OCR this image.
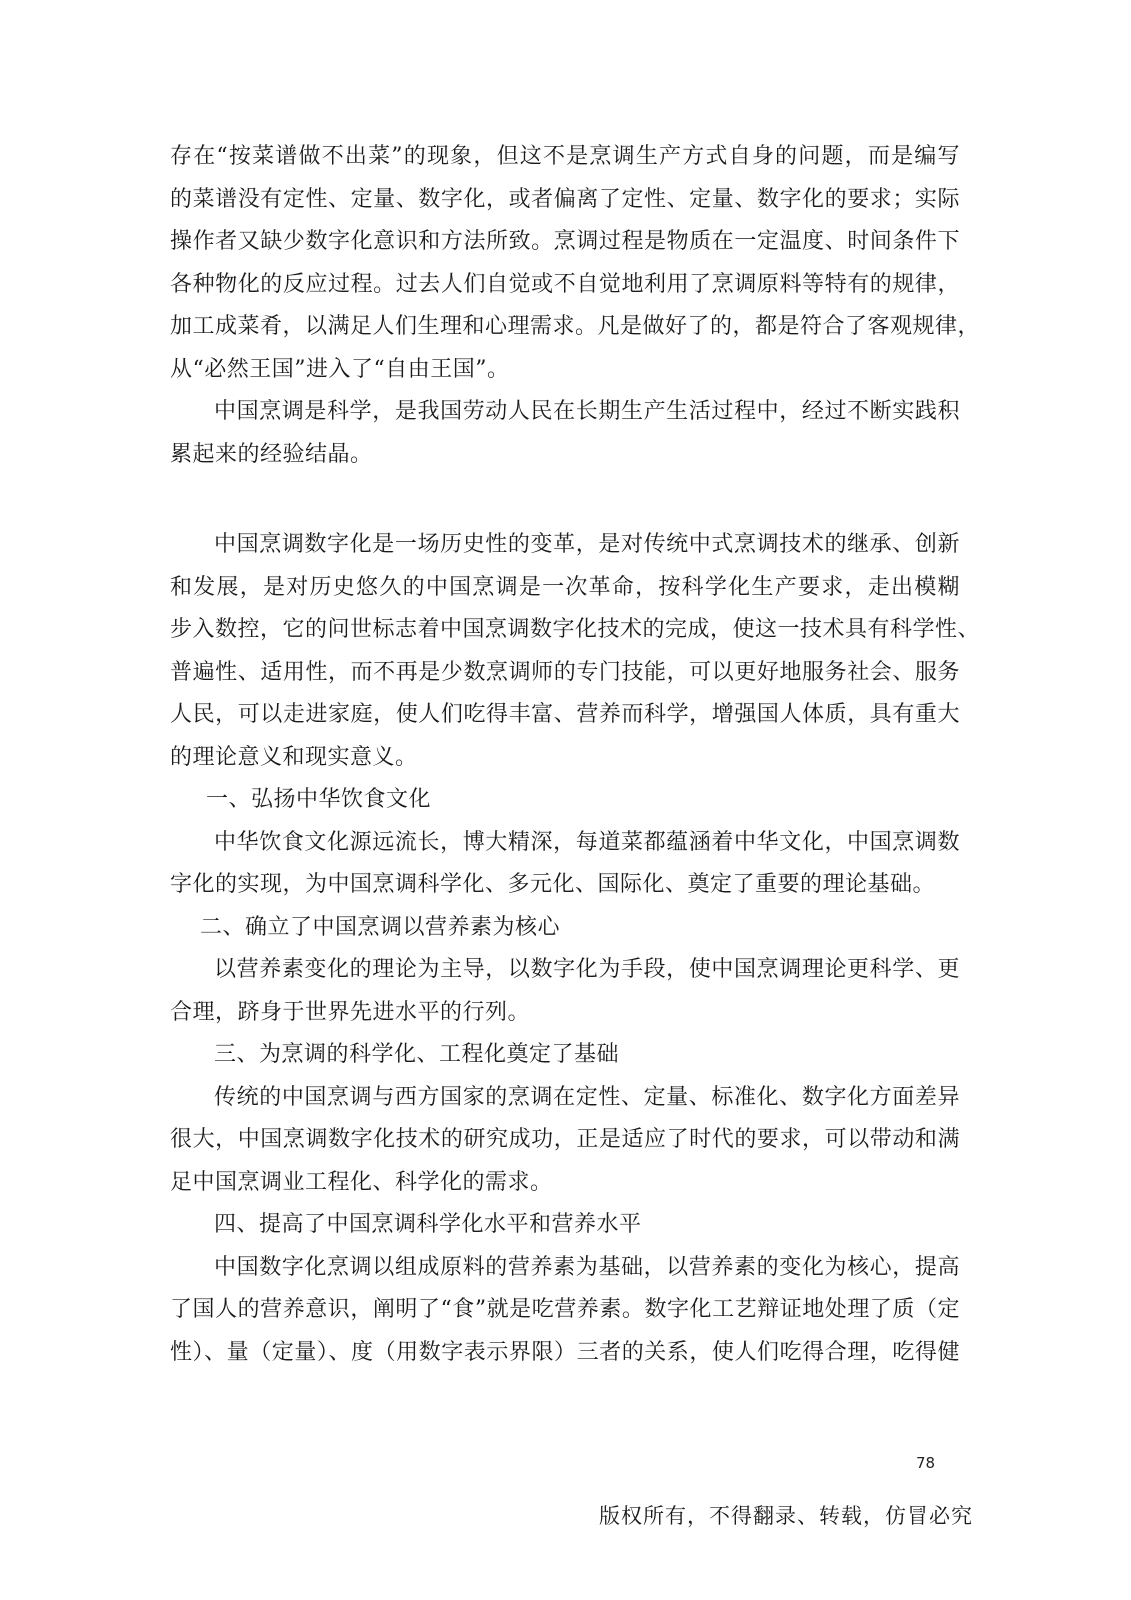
存在“按菜谱做不出菜”的现象，但这不是烹调生产方式自身的问题，而是编写
的菜谱没有定性、定量、数字化，或者偏离了定性、定量、数字化的要求；实际
操作者又缺少数字化意识和方法所致。烹调过程是物质在一定温度、时间条件下
各种物化的反应过程。过去人们自觉或不自觉地利用了烹调原料等特有的规律，
加工成菜肴，以满足人们生理和心理需求。凡是做好了的，都是符合了客观规律，
从“必然王国”进入了“自由王国”。
中国烹调是科学，是我国劳动人民在长期生产生活过程中，经过不断实践积
累起来的经验结晶。
中国烹调数字化是一场历史性的变革，是对传统中式烹调技术的继承、创新
和发展，是对历史悠久的中国烹调是一次革命，按科学化生产要求，走出模糊
步入数控，它的问世标志着中国烹调数字化技术的完成，使这一技术具有科学性、
普遍性、适用性，而不再是少数烹调师的专门技能，可以更好地服务社会、服务
人民，可以走进家庭，使人们吃得丰富、营养而科学，增强国人体质，具有重大
的理论意义和现实意义。
一、弘扬中华饮食文化
中华饮食文化源远流长，博大精深，每道菜都蕴涵着中华文化，中国烹调数
字化的实现，为中国烹调科学化、多元化、国际化、奠定了重要的理论基础。
二、确立了中国烹调以营养素为核心
以营养素变化的理论为主导，以数字化为手段，使中国烹调理论更科学、更
合理，跻身于世界先进水平的行列。
三、为烹调的科学化、工程化奠定了基础
传统的中国烹调与西方国家的烹调在定性、定量、标准化、数字化方面差异
很大，中国烹调数字化技术的研究成功，正是适应了时代的要求，可以带动和满
足中国烹调业工程化、科学化的需求。
四、提高了中国烹调科学化水平和营养水平
中国数字化烹调以组成原料的营养素为基础，以营养素的变化为核心，提高
了国人的营养意识，阐明了“食”就是吃营养素。数字化工艺辩证地处理了质（定
性）、量（定量）、度（用数字表示界限）三者的关系，使人们吃得合理，吃得健
78
版权所有，不得翻录、转载，仿冒必究
